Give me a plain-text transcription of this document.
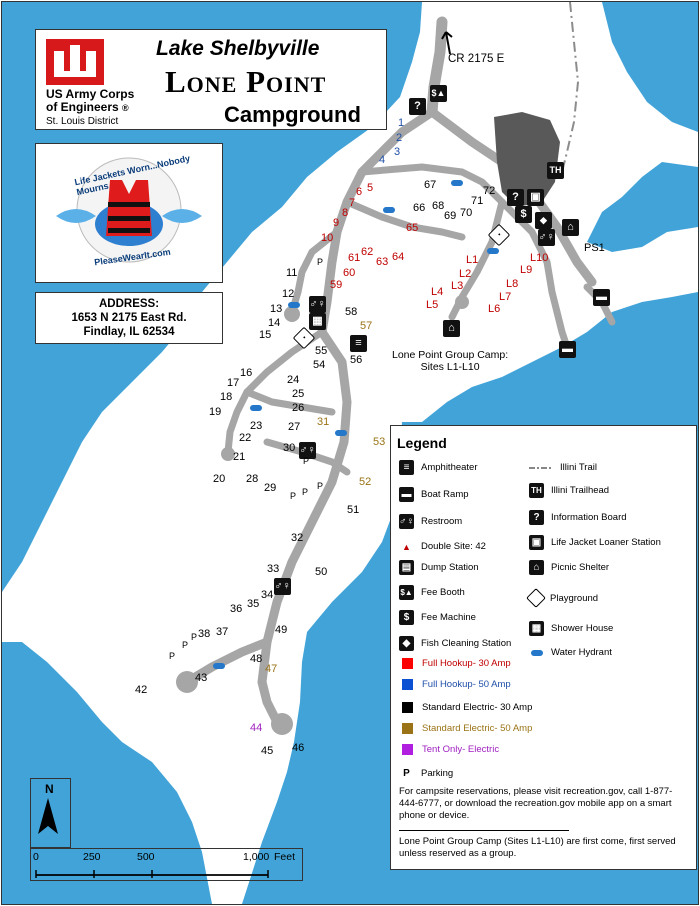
US Army Corps
of Engineers ®
St. Louis District
Lake Shelbyville
Lone Point
Campground
Life Jackets Worn...Nobody Mourns
PleaseWearIt.com
ADDRESS:
1653 N 2175 East Rd.
Findlay, IL 62534
CR 2175 E
?
$▲
TH
?	▣
$	◆
♂♀
⌂
▬
▬
⌂
·
·
♂♀
▦
≡
♂♀
♂♀
1
2
3
4
5
6
7
8
9
10
11
12
13
14
15
16
17
18
19
20
21
22
23
24
25
26
27
28
29
30
31
32
33
34
35
36
37
38
42
43
44
45 46
47
48
49
50
51
52
53
54
55
56
57
58
59
60
61 62
63 64
65
66
67
68
69 70
71
72
L1
L2
L3
L4
L5	L6
L7
L8
L9
L10
P
P
P P
P
P
P
P
PS1
Lone Point Group Camp:
Sites L1-L10
Legend
≡	Amphitheater
▬ Boat Ramp
♂♀ Restroom
▲	Double Site: 42
▤ Dump Station
$▲ Fee Booth
$	Fee Machine
◆	Fish Cleaning Station
Full Hookup- 30 Amp
Full Hookup- 50 Amp
Standard Electric- 30 Amp
Standard Electric- 50 Amp
Tent Only- Electric
P	Parking
Illini Trail
TH Illini Trailhead
?	Information Board
▣ Life Jacket Loaner Station
⌂	Picnic Shelter
Playground
▦ Shower House
Water Hydrant
For campsite reservations, please visit recreation.gov, call 1-877-444-6777, or download the recreation.gov mobile app on a smart phone or device.
Lone Point Group Camp (Sites L1-L10) are first come, first served unless reserved as a group.
N
0	250	500	1,000 Feet
